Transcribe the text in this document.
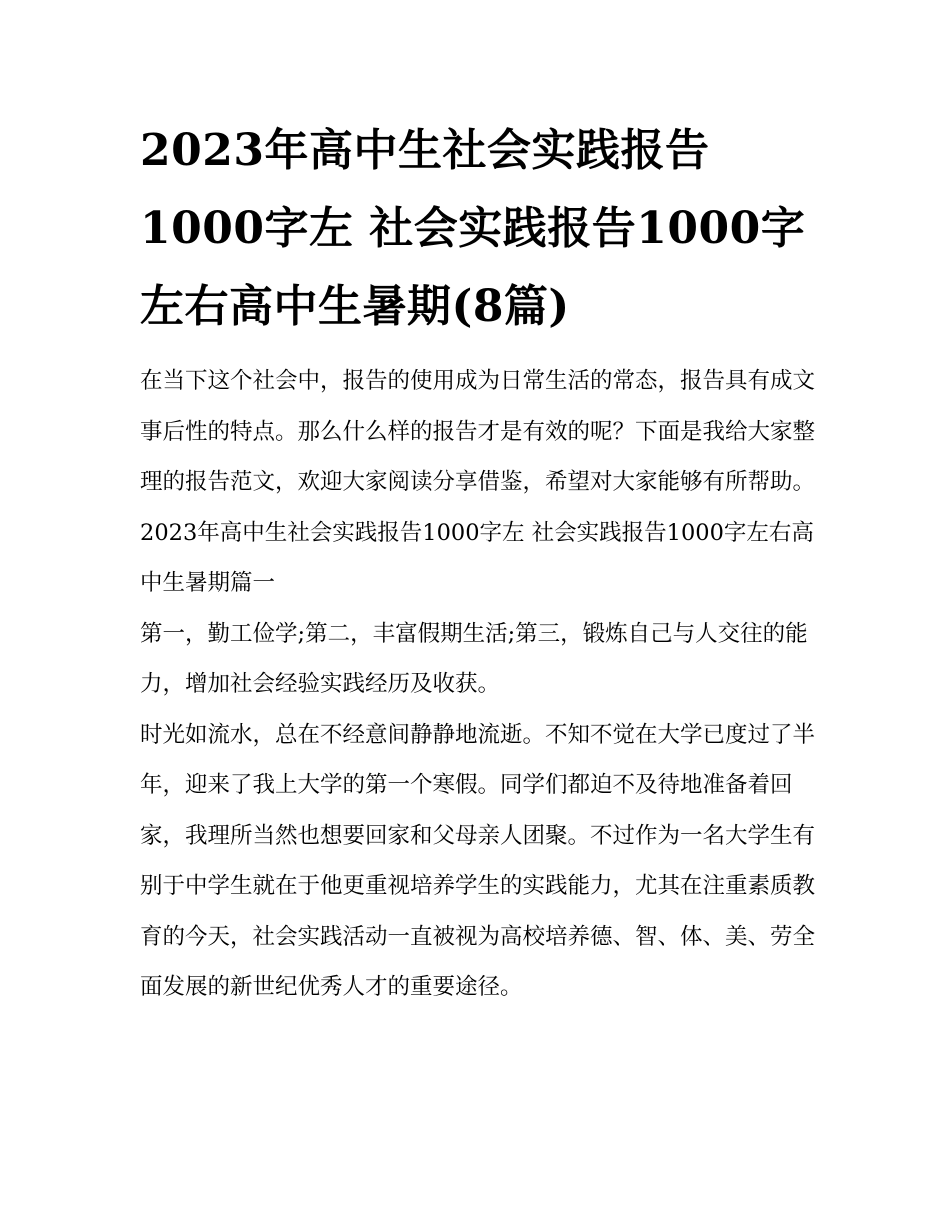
2023年高中生社会实践报告1000字左 社会实践报告1000字左右高中生暑期(8篇)

在当下这个社会中，报告的使用成为日常生活的常态，报告具有成文事后性的特点。那么什么样的报告才是有效的呢？下面是我给大家整理的报告范文，欢迎大家阅读分享借鉴，希望对大家能够有所帮助。

2023年高中生社会实践报告1000字左 社会实践报告1000字左右高中生暑期篇一

第一，勤工俭学;第二，丰富假期生活;第三，锻炼自己与人交往的能力，增加社会经验实践经历及收获。

时光如流水，总在不经意间静静地流逝。不知不觉在大学已度过了半年，迎来了我上大学的第一个寒假。同学们都迫不及待地准备着回家，我理所当然也想要回家和父母亲人团聚。不过作为一名大学生有别于中学生就在于他更重视培养学生的实践能力，尤其在注重素质教育的今天，社会实践活动一直被视为高校培养德、智、体、美、劳全面发展的新世纪优秀人才的重要途径。
